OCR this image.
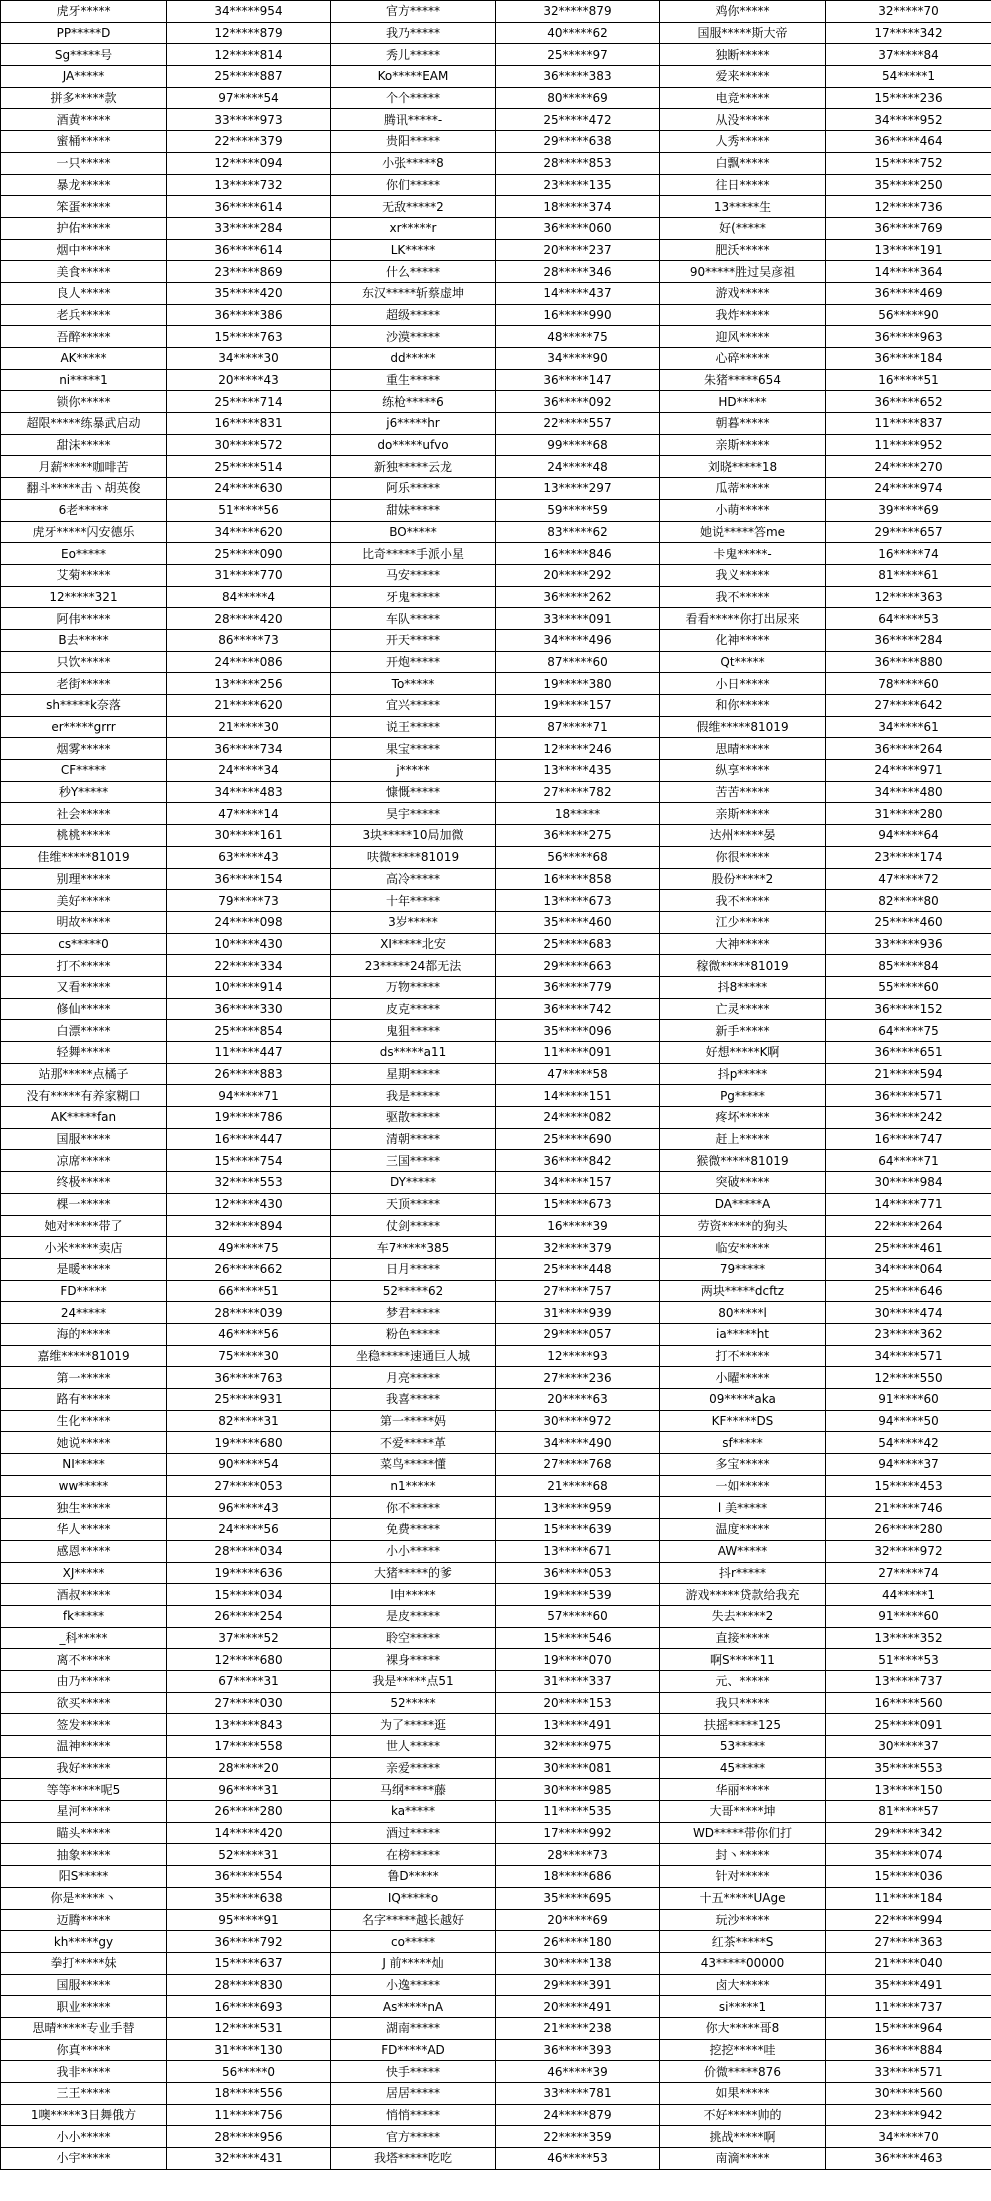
虎牙*****	34*****954	官方*****	32*****879	鸡你*****	32*****70
PP*****D	12*****879	我乃*****	40*****62	国服*****斯大帝	17*****342
Sg*****号	12*****814	秀儿*****	25*****97	独断*****	37*****84
JA*****	25*****887	Ko*****EAM	36*****383	爱来*****	54*****1
拼多*****款	97*****54	个个*****	80*****69	电竞*****	15*****236
酒黄*****	33*****973	腾讯*****-	25*****472	从没*****	34*****952
蜜桶*****	22*****379	贵阳*****	29*****638	人秀*****	36*****464
一只*****	12*****094	小张*****8	28*****853	白飘*****	15*****752
暴龙*****	13*****732	你们*****	23*****135	往日*****	35*****250
笨蛋*****	36*****614	无敌*****2	18*****374	13*****生	12*****736
护佑*****	33*****284	xr*****r	36*****060	好(*****	36*****769
烟中*****	36*****614	LK*****	20*****237	肥沃*****	13*****191
美食*****	23*****869	什么*****	28*****346	90*****胜过吴彦祖	14*****364
良人*****	35*****420	东汉*****斩蔡虚坤	14*****437	游戏*****	36*****469
老兵*****	36*****386	超级*****	16*****990	我炸*****	56*****90
吾醉*****	15*****763	沙漠*****	48*****75	迎风*****	36*****963
AK*****	34*****30	dd*****	34*****90	心碎*****	36*****184
ni*****1	20*****43	重生*****	36*****147	朱猪*****654	16*****51
锁你*****	25*****714	练枪*****6	36*****092	HD*****	36*****652
超限*****练暴武启动	16*****831	j6*****hr	22*****557	朝暮*****	11*****837
甜沫*****	30*****572	do*****ufvo	99*****68	亲斯*****	11*****952
月薪*****咖啡苦	25*****514	新独*****云龙	24*****48	刘晓*****18	24*****270
翻斗*****击丶胡英俊	24*****630	阿乐*****	13*****297	瓜蒂*****	24*****974
6老*****	51*****56	甜妹*****	59*****59	小萌*****	39*****69
虎牙*****闪安德乐	34*****620	BO*****	83*****62	她说*****答me	29*****657
Eo*****	25*****090	比奇*****手派小星	16*****846	卡鬼*****-	16*****74
艾菊*****	31*****770	马安*****	20*****292	我义*****	81*****61
12*****321	84*****4	牙鬼*****	36*****262	我不*****	12*****363
阿伟*****	28*****420	车队*****	33*****091	看看*****你打出尿来	64*****53
B去*****	86*****73	开天*****	34*****496	化神*****	36*****284
只饮*****	24*****086	开炮*****	87*****60	Qt*****	36*****880
老街*****	13*****256	To*****	19*****380	小日*****	78*****60
sh*****k奈落	21*****620	宜兴*****	19*****157	和你*****	27*****642
er*****grrr	21*****30	说王*****	87*****71	假维*****81019	34*****61
烟雾*****	36*****734	果宝*****	12*****246	思晴*****	36*****264
CF*****	24*****34	j*****	13*****435	纵享*****	24*****971
秒Y*****	34*****483	慷慨*****	27*****782	苦苦*****	34*****480
社会*****	47*****14	昊宇*****	18*****	亲斯*****	31*****280
桃桃*****	30*****161	3块*****10局加微	36*****275	达州*****晏	94*****64
佳维*****81019	63*****43	呋微*****81019	56*****68	你很*****	23*****174
别理*****	36*****154	高冷*****	16*****858	股份*****2	47*****72
美好*****	79*****73	十年*****	13*****673	我不*****	82*****80
明故*****	24*****098	3岁*****	35*****460	江少*****	25*****460
cs*****0	10*****430	XI*****北安	25*****683	大神*****	33*****936
打不*****	22*****334	23*****24都无法	29*****663	稼微*****81019	85*****84
又看*****	10*****914	万物*****	36*****779	抖8*****	55*****60
修仙*****	36*****330	皮克*****	36*****742	亡灵*****	36*****152
白漂*****	25*****854	鬼狙*****	35*****096	新手*****	64*****75
轻舞*****	11*****447	ds*****a11	11*****091	好想*****K啊	36*****651
站那*****点橘子	26*****883	星期*****	47*****58	抖p*****	21*****594
没有*****有养家糊口	94*****71	我是*****	14*****151	Pg*****	36*****571
AK*****fan	19*****786	驱散*****	24*****082	疼坏*****	36*****242
国服*****	16*****447	清朝*****	25*****690	赶上*****	16*****747
凉席*****	15*****754	三国*****	36*****842	猴微*****81019	64*****71
终极*****	32*****553	DY*****	34*****157	突破*****	30*****984
棵一*****	12*****430	天顶*****	15*****673	DA*****A	14*****771
她对*****带了	32*****894	仗剑*****	16*****39	劳资*****的狗头	22*****264
小米*****卖店	49*****75	车7*****385	32*****379	临安*****	25*****461
是暖*****	26*****662	日月*****	25*****448	79*****	34*****064
FD*****	66*****51	52*****62	27*****757	两块*****dcftz	25*****646
24*****	28*****039	梦君*****	31*****939	80*****l	30*****474
海的*****	46*****56	粉色*****	29*****057	ia*****ht	23*****362
嘉维*****81019	75*****30	坐稳*****速通巨人城	12*****93	打不*****	34*****571
第一*****	36*****763	月亮*****	27*****236	小曜*****	12*****550
路有*****	25*****931	我喜*****	20*****63	09*****aka	91*****60
生化*****	82*****31	第一*****妈	30*****972	KF*****DS	94*****50
她说*****	19*****680	不爱*****革	34*****490	sf*****	54*****42
NI*****	90*****54	菜鸟*****懂	27*****768	多宝*****	94*****37
ww*****	27*****053	n1*****	21*****68	一如*****	15*****453
独生*****	96*****43	你不*****	13*****959	l 美*****	21*****746
华人*****	24*****56	免费*****	15*****639	温度*****	26*****280
感恩*****	28*****034	小小*****	13*****671	AW*****	32*****972
XJ*****	19*****636	大猪*****的爹	36*****053	抖r*****	27*****74
酒叔*****	15*****034	l申*****	19*****539	游戏*****贷款给我充	44*****1
fk*****	26*****254	是皮*****	57*****60	失去*****2	91*****60
_科*****	37*****52	聆空*****	15*****546	直接*****	13*****352
离不*****	12*****680	裸身*****	19*****070	啊S*****11	51*****53
由乃*****	67*****31	我是*****点51	31*****337	元、*****	13*****737
欲买*****	27*****030	52*****	20*****153	我只*****	16*****560
签发*****	13*****843	为了*****逛	13*****491	扶摇*****125	25*****091
温神*****	17*****558	世人*****	32*****975	53*****	30*****37
我好*****	28*****20	亲爱*****	30*****081	45*****	35*****553
等等*****呢5	96*****31	马纲*****藤	30*****985	华丽*****	13*****150
星河*****	26*****280	ka*****	11*****535	大哥*****坤	81*****57
瞄头*****	14*****420	酒过*****	17*****992	WD*****带你们打	29*****342
抽象*****	52*****31	在榜*****	28*****73	封丶*****	35*****074
阳S*****	36*****554	鲁D*****	18*****686	针对*****	15*****036
你是*****丶	35*****638	IQ*****o	35*****695	十五*****UAge	11*****184
迈腾*****	95*****91	名字*****越长越好	20*****69	玩沙*****	22*****994
kh*****gy	36*****792	co*****	26*****180	红茶*****S	27*****363
拳打*****妹	15*****637	J 前*****灿	30*****138	43*****00000	21*****040
国服*****	28*****830	小逸*****	29*****391	卤大*****	35*****491
职业*****	16*****693	As*****nA	20*****491	si*****1	11*****737
思晴*****专业手替	12*****531	湖南*****	21*****238	你大*****哥8	15*****964
你真*****	31*****130	FD*****AD	36*****393	挖挖*****哇	36*****884
我非*****	56*****0	快手*****	46*****39	价微*****876	33*****571
三王*****	18*****556	居居*****	33*****781	如果*****	30*****560
1噢*****3日舞俄方	11*****756	悄悄*****	24*****879	不好*****帅的	23*****942
小小*****	28*****956	官方*****	22*****359	挑战*****啊	34*****70
小宇*****	32*****431	我塔*****吃吃	46*****53	南滴*****	36*****463
